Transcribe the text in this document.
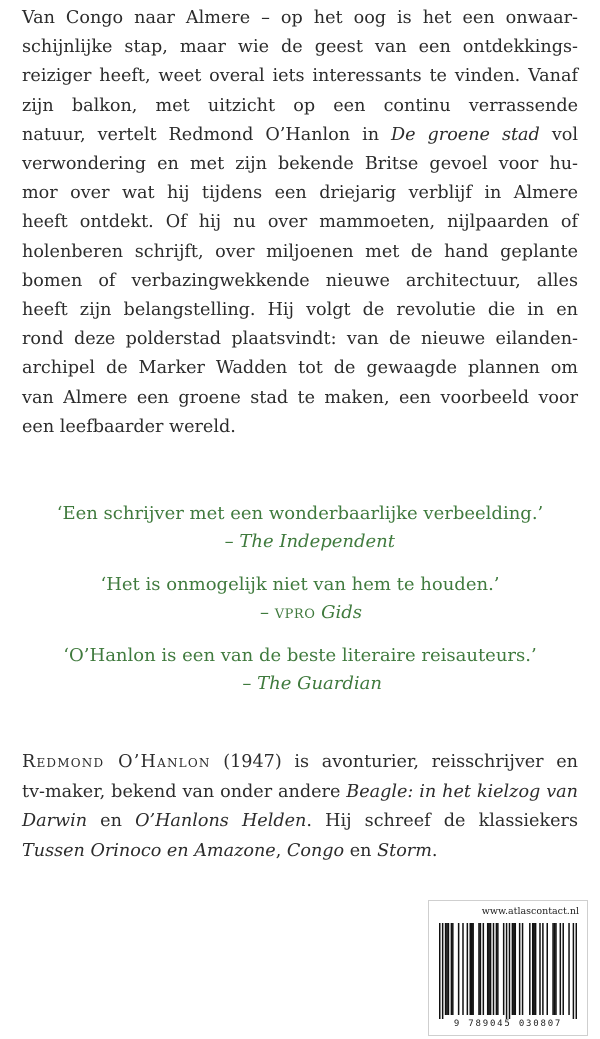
Van Congo naar Almere – op het oog is het een onwaar-
schijnlijke stap, maar wie de geest van een ontdekkings-
reiziger heeft, weet overal iets interessants te vinden. Vanaf
zijn balkon, met uitzicht op een continu verrassende
natuur, vertelt Redmond O’Hanlon in De groene stad vol
verwondering en met zijn bekende Britse gevoel voor hu-
mor over wat hij tijdens een driejarig verblijf in Almere
heeft ontdekt. Of hij nu over mammoeten, nijlpaarden of
holenberen schrijft, over miljoenen met de hand geplante
bomen of verbazingwekkende nieuwe architectuur, alles
heeft zijn belangstelling. Hij volgt de revolutie die in en
rond deze polderstad plaatsvindt: van de nieuwe eilanden-
archipel de Marker Wadden tot de gewaagde plannen om
van Almere een groene stad te maken, een voorbeeld voor
een leefbaarder wereld.

‘Een schrijver met een wonderbaarlijke verbeelding.’
– The Independent
‘Het is onmogelijk niet van hem te houden.’
– vpro Gids
‘O’Hanlon is een van de beste literaire reisauteurs.’
– The Guardian

Redmond O’Hanlon (1947) is avonturier, reisschrijver en
tv-maker, bekend van onder andere Beagle: in het kielzog van
Darwin en O’Hanlons Helden. Hij schreef de klassiekers
Tussen Orinoco en Amazone, Congo en Storm.

www.atlascontact.nl
9 789045 030807
